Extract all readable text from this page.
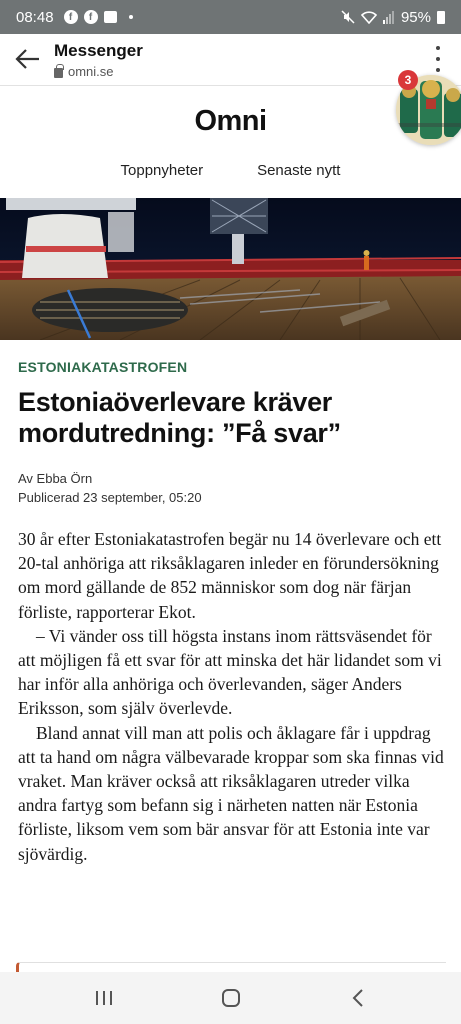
08:48	f	f	95%
Messenger
omni.se
3
Omni
Toppnyheter	Senaste nytt
ESTONIAKATASTROFEN
Estoniaöverlevare kräver mordutredning: ”Få svar”
Av Ebba Örn
Publicerad 23 september, 05:20

30 år efter Estoniakatastrofen begär nu 14 överlevare och ett 20-tal anhöriga att riksåklagaren inleder en förundersökning om mord gällande de 852 människor som dog när färjan förliste, rapporterar Ekot.

– Vi vänder oss till högsta instans inom rättsväsendet för att möjligen få ett svar för att minska det här lidandet som vi har inför alla anhöriga och överlevanden, säger Anders Eriksson, som själv överlevde.

Bland annat vill man att polis och åklagare får i uppdrag att ta hand om några välbevarade kroppar som ska finnas vid vraket. Man kräver också att riksåklagaren utreder vilka andra fartyg som befann sig i närheten natten när Estonia förliste, liksom vem som bär ansvar för att Estonia inte var sjövärdig.
